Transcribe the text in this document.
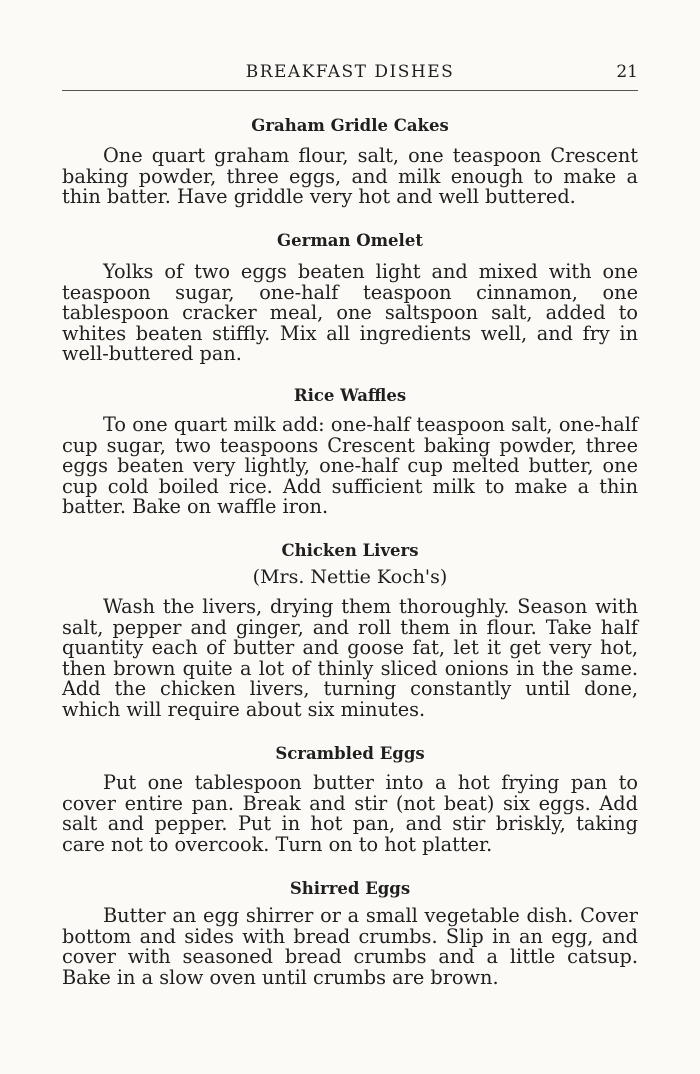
BREAKFAST DISHES	21
Graham Gridle Cakes

One quart graham flour, salt, one teaspoon Crescent baking powder, three eggs, and milk enough to make a thin batter. Have griddle very hot and well buttered.

German Omelet

Yolks of two eggs beaten light and mixed with one teaspoon sugar, one-half teaspoon cinnamon, one tablespoon cracker meal, one saltspoon salt, added to whites beaten stiffly. Mix all ingredients well, and fry in well-buttered pan.

Rice Waffles

To one quart milk add: one-half teaspoon salt, one-half cup sugar, two teaspoons Crescent baking powder, three eggs beaten very lightly, one-half cup melted butter, one cup cold boiled rice. Add sufficient milk to make a thin batter. Bake on waffle iron.

Chicken Livers
(Mrs. Nettie Koch's)

Wash the livers, drying them thoroughly. Season with salt, pepper and ginger, and roll them in flour. Take half quantity each of butter and goose fat, let it get very hot, then brown quite a lot of thinly sliced onions in the same. Add the chicken livers, turning constantly until done, which will require about six minutes.

Scrambled Eggs

Put one tablespoon butter into a hot frying pan to cover entire pan. Break and stir (not beat) six eggs. Add salt and pepper. Put in hot pan, and stir briskly, taking care not to overcook. Turn on to hot platter.

Shirred Eggs

Butter an egg shirrer or a small vegetable dish. Cover bottom and sides with bread crumbs. Slip in an egg, and cover with seasoned bread crumbs and a little catsup. Bake in a slow oven until crumbs are brown.
